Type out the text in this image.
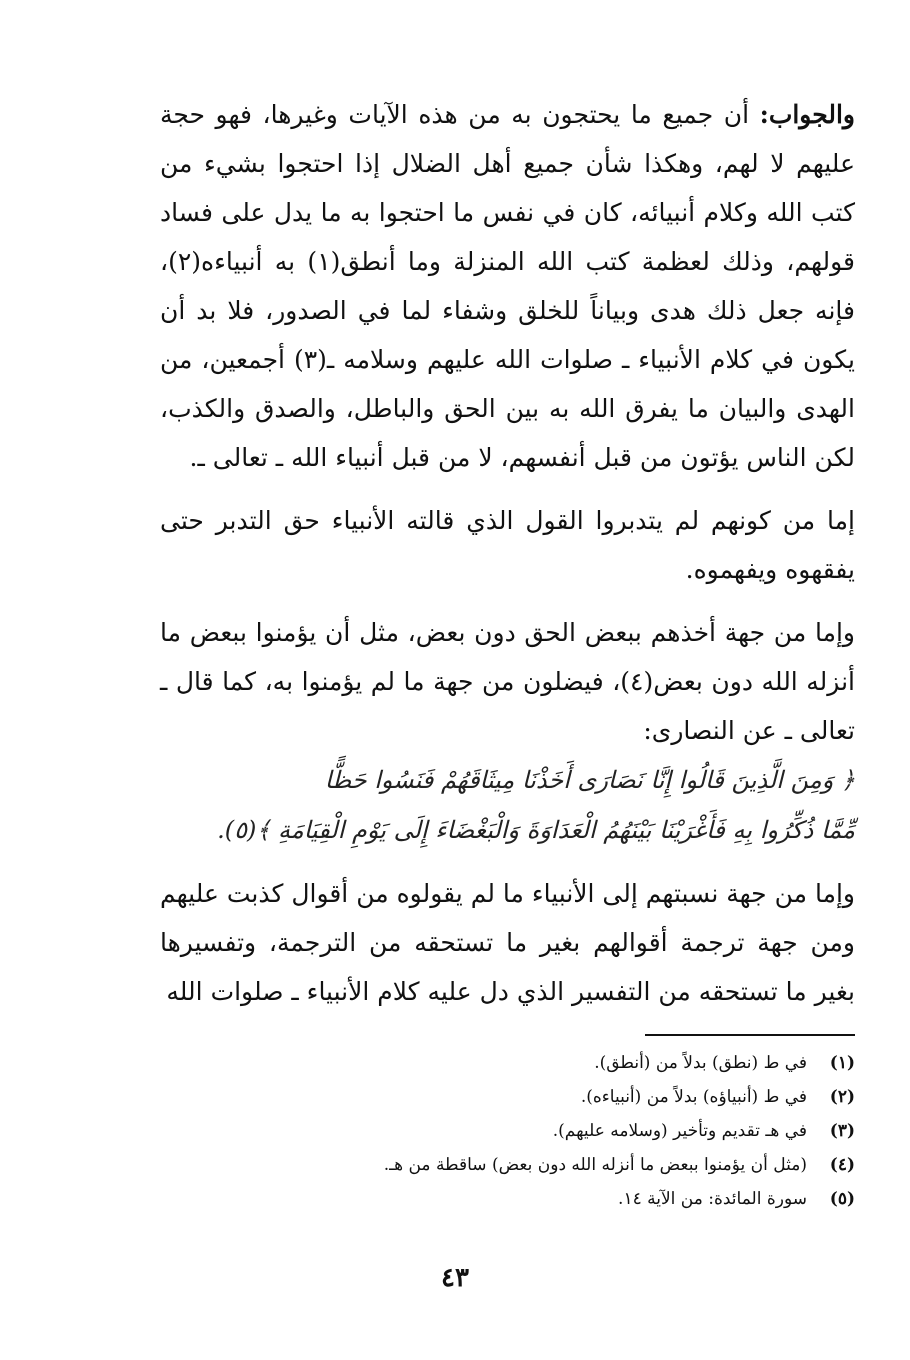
والجواب: أن جميع ما يحتجون به من هذه الآيات وغيرها، فهو حجة عليهم لا لهم، وهكذا شأن جميع أهل الضلال إذا احتجوا بشيء من كتب الله وكلام أنبيائه، كان في نفس ما احتجوا به ما يدل على فساد قولهم، وذلك لعظمة كتب الله المنزلة وما أنطق(١) به أنبياءه(٢)، فإنه جعل ذلك هدى وبياناً للخلق وشفاء لما في الصدور، فلا بد أن يكون في كلام الأنبياء ـ صلوات الله عليهم وسلامه ـ(٣) أجمعين، من الهدى والبيان ما يفرق الله به بين الحق والباطل، والصدق والكذب، لكن الناس يؤتون من قبل أنفسهم، لا من قبل أنبياء الله ـ تعالى ـ.

إما من كونهم لم يتدبروا القول الذي قالته الأنبياء حق التدبر حتى يفقهوه ويفهموه.

وإما من جهة أخذهم ببعض الحق دون بعض، مثل أن يؤمنوا ببعض ما أنزله الله دون بعض(٤)، فيضلون من جهة ما لم يؤمنوا به، كما قال ـ تعالى ـ عن النصارى:

﴿ وَمِنَ الَّذِينَ قَالُوا إِنَّا نَصَارَى أَخَذْنَا مِيثَاقَهُمْ فَنَسُوا حَظًّا

مِّمَّا ذُكِّرُوا بِهِ فَأَغْرَيْنَا بَيْنَهُمُ الْعَدَاوَةَ وَالْبَغْضَاءَ إِلَى يَوْمِ الْقِيَامَةِ ﴾(٥).

وإما من جهة نسبتهم إلى الأنبياء ما لم يقولوه من أقوال كذبت عليهم ومن جهة ترجمة أقوالهم بغير ما تستحقه من الترجمة، وتفسيرها بغير ما تستحقه من التفسير الذي دل عليه كلام الأنبياء ـ صلوات الله

(١)
في ط (نطق) بدلاً من (أنطق).
(٢)
في ط (أنبياؤه) بدلاً من (أنبياءه).
(٣)
في هـ تقديم وتأخير (وسلامه عليهم).
(٤)
(مثل أن يؤمنوا ببعض ما أنزله الله دون بعض) ساقطة من هـ.
(٥)
سورة المائدة: من الآية ١٤.
٤٣
